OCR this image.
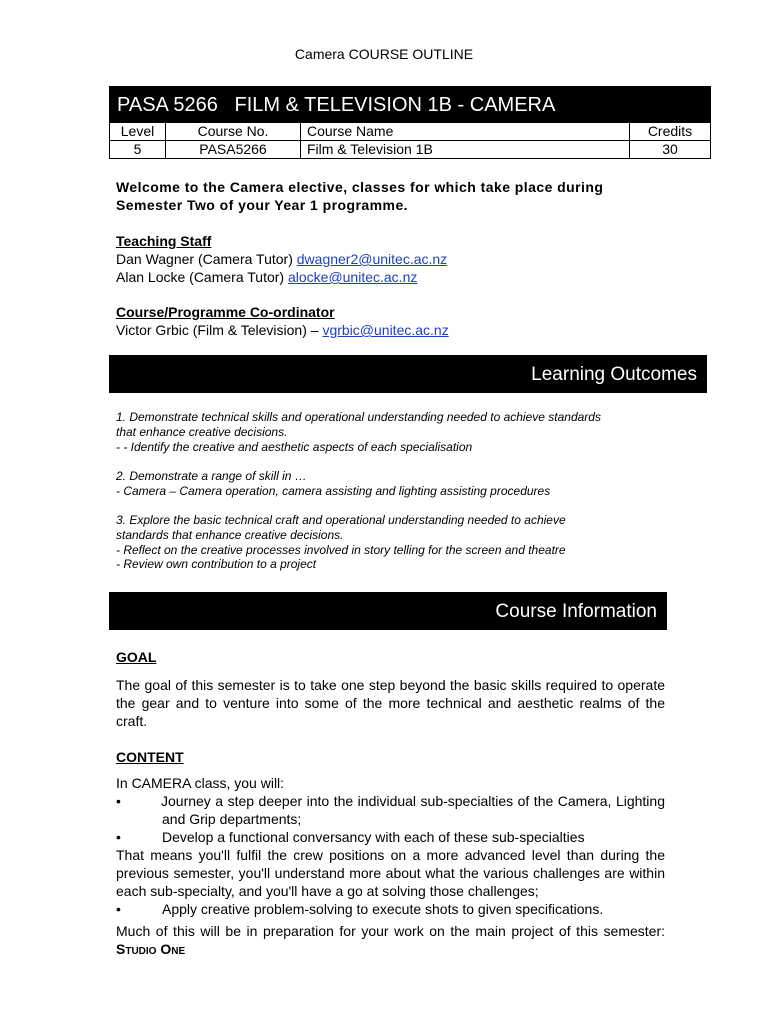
Camera COURSE OUTLINE
PASA 5266   FILM & TELEVISION 1B - CAMERA
Level	Course No.	Course Name	Credits
5	PASA5266	Film & Television 1B	30
Welcome to the Camera elective, classes for which take place during Semester Two of your Year 1 programme.
Teaching Staff
Dan Wagner (Camera Tutor) dwagner2@unitec.ac.nz
Alan Locke (Camera Tutor) alocke@unitec.ac.nz
Course/Programme Co-ordinator
Victor Grbic (Film & Television) – vgrbic@unitec.ac.nz
Learning Outcomes

1. Demonstrate technical skills and operational understanding needed to achieve standards
that enhance creative decisions.
- - Identify the creative and aesthetic aspects of each specialisation

2. Demonstrate a range of skill in …
- Camera – Camera operation, camera assisting and lighting assisting procedures

3. Explore the basic technical craft and operational understanding needed to achieve
standards that enhance creative decisions.
- Reflect on the creative processes involved in story telling for the screen and theatre
- Review own contribution to a project

Course Information

GOAL

The goal of this semester is to take one step beyond the basic skills required to operate the gear and to venture into some of the more technical and aesthetic realms of the craft.

CONTENT

In CAMERA class, you will:

•	Journey a step deeper into the individual sub-specialties of the Camera, Lighting and Grip departments;
•	Develop a functional conversancy with each of these sub-specialties

That means you'll fulfil the crew positions on a more advanced level than during the previous semester, you'll understand more about what the various challenges are within each sub-specialty, and you'll have a go at solving those challenges;

•	Apply creative problem-solving to execute shots to given specifications.

Much of this will be in preparation for your work on the main project of this semester: Studio One
